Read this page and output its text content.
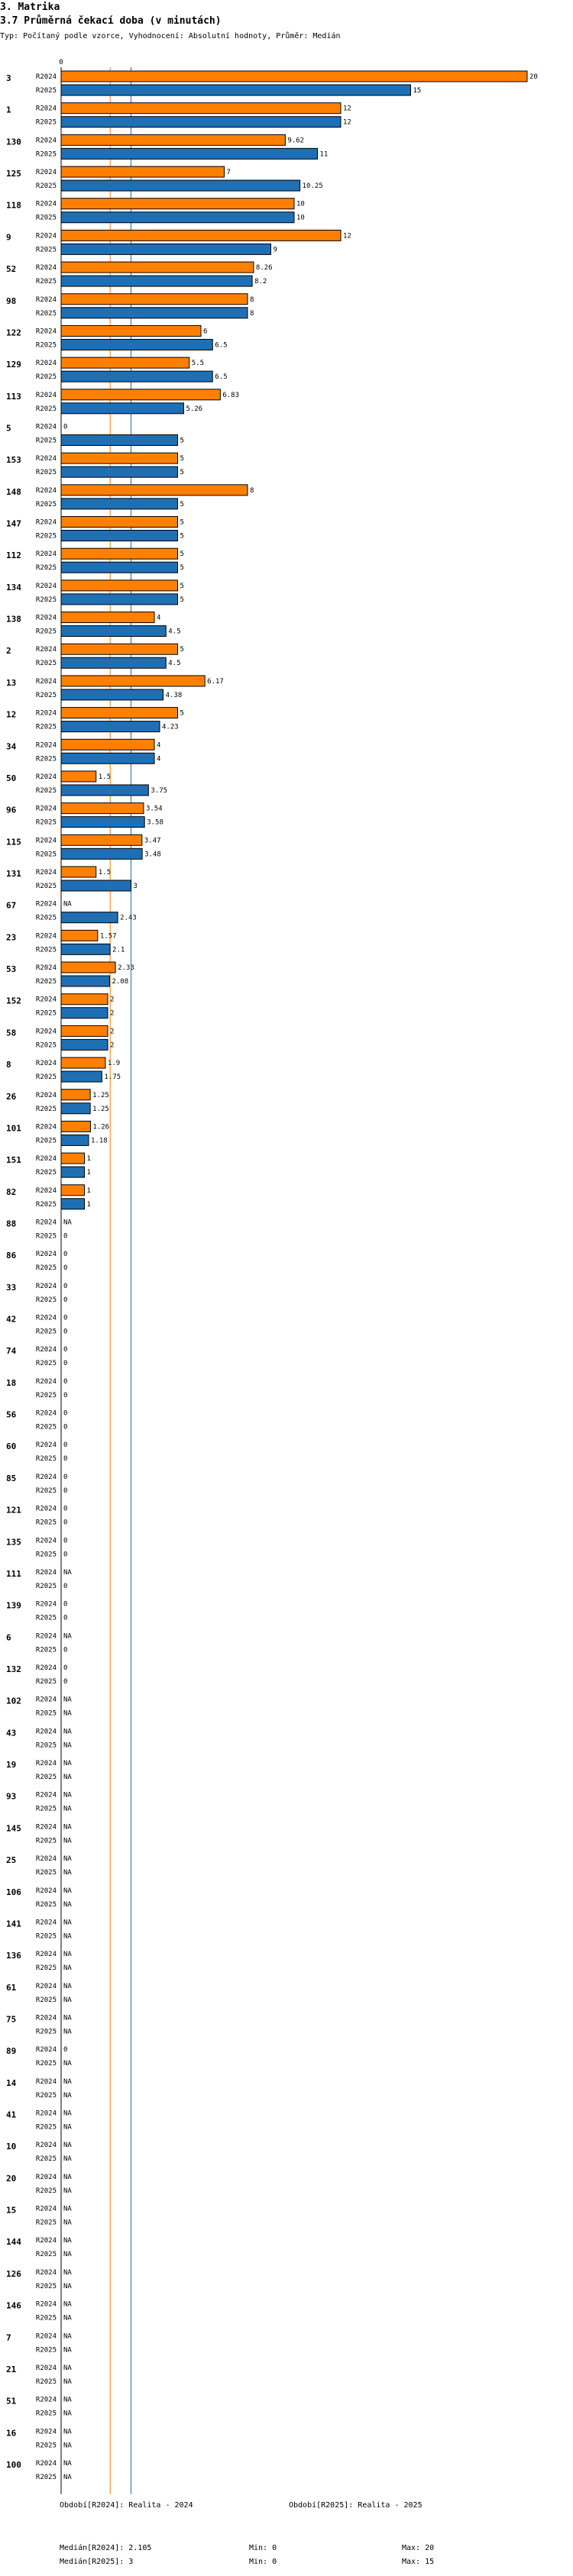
3. Matrika
3.7 Průměrná čekací doba (v minutách)
Typ: Počítaný podle vzorce, Vyhodnocení: Absolutní hodnoty, Průměr: Medián
0
3	R2024	20
R2025	15
1	R2024	12
R2025	12
130 R2024	9.62
R2025	11
125 R2024	7
R2025	10.25
118 R2024	10
R2025	10
9	R2024	12
R2025	9
52	R2024	8.26
R2025	8.2
98	R2024	8
R2025	8
122 R2024	6
R2025	6.5
129 R2024	5.5
R2025	6.5
113 R2024	6.83
R2025	5.26
5	R2024 0
R2025	5
153 R2024	5
R2025	5
148 R2024	8
R2025	5
147 R2024	5
R2025	5
112 R2024	5
R2025	5
134 R2024	5
R2025	5
138 R2024	4
R2025	4.5
2	R2024	5
R2025	4.5
13	R2024	6.17
R2025	4.38
12	R2024	5
R2025	4.23
34	R2024	4
R2025	4
50	R2024	1.5
R2025	3.75
96	R2024	3.54
R2025	3.58
115 R2024	3.47
R2025	3.48
131 R2024	1.5
R2025	3
67	R2024 NA
R2025	2.43
23	R2024	1.57
R2025	2.1
53	R2024	2.33
R2025	2.08
152 R2024	2
R2025	2
58	R2024	2
R2025	2
8	R2024	1.9
R2025	1.75
26	R2024	1.25
R2025	1.25
101 R2024	1.26
R2025	1.18
151 R2024	1
R2025	1
82	R2024	1
R2025	1
88	R2024 NA
R2025 0
86	R2024 0
R2025 0
33	R2024 0
R2025 0
42	R2024 0
R2025 0
74	R2024 0
R2025 0
18	R2024 0
R2025 0
56	R2024 0
R2025 0
60	R2024 0
R2025 0
85	R2024 0
R2025 0
121 R2024 0
R2025 0
135 R2024 0
R2025 0
111 R2024 NA
R2025 0
139 R2024 0
R2025 0
6	R2024 NA
R2025 0
132 R2024 0
R2025 0
102 R2024 NA
R2025 NA
43	R2024 NA
R2025 NA
19	R2024 NA
R2025 NA
93	R2024 NA
R2025 NA
145 R2024 NA
R2025 NA
25	R2024 NA
R2025 NA
106 R2024 NA
R2025 NA
141 R2024 NA
R2025 NA
136 R2024 NA
R2025 NA
61	R2024 NA
R2025 NA
75	R2024 NA
R2025 NA
89	R2024 0
R2025 NA
14	R2024 NA
R2025 NA
41	R2024 NA
R2025 NA
10	R2024 NA
R2025 NA
20	R2024 NA
R2025 NA
15	R2024 NA
R2025 NA
144 R2024 NA
R2025 NA
126 R2024 NA
R2025 NA
146 R2024 NA
R2025 NA
7	R2024 NA
R2025 NA
21	R2024 NA
R2025 NA
51	R2024 NA
R2025 NA
16	R2024 NA
R2025 NA
100 R2024 NA
R2025 NA
Období[R2024]: Realita - 2024	Období[R2025]: Realita - 2025
Medián[R2024]: 2.105	Min: 0	Max: 20
Medián[R2025]: 3	Min: 0	Max: 15
